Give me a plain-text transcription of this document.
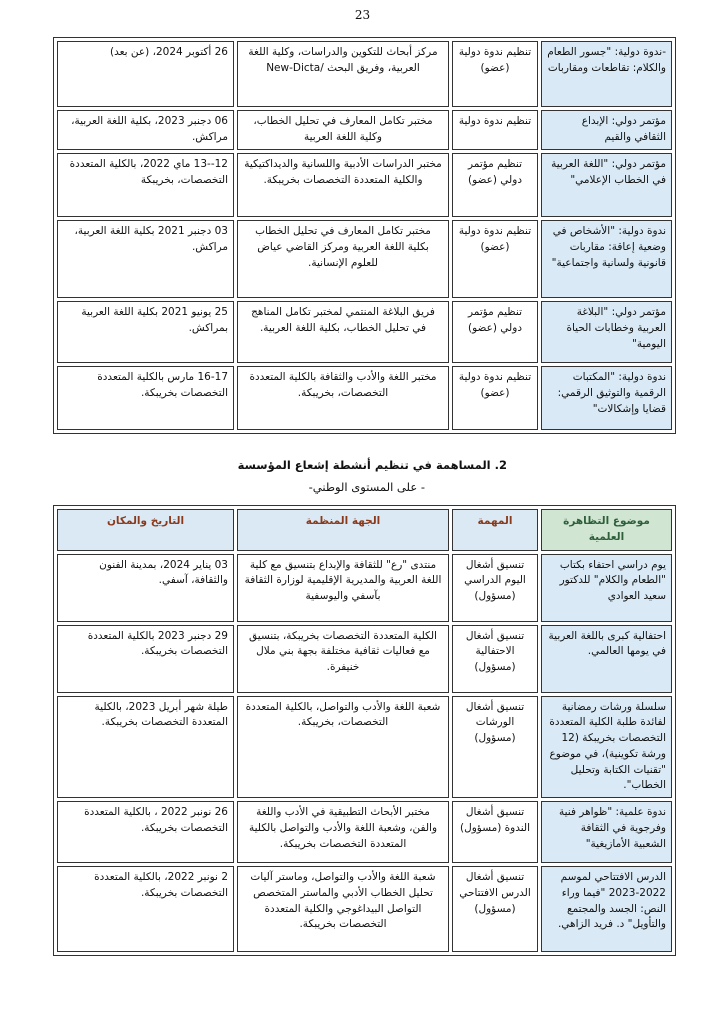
23
-ندوة دولية: "جسور الطعام والكلام: تقاطعات ومقاربات	تنظيم ندوة دولية (عضو)	مركز أبحاث للتكوين والدراسات، وكلية اللغة العربية، وفريق البحث /New-Dicta	26 أكتوبر 2024، (عن بعد)
مؤتمر دولي: الإبداع الثقافي والقيم	تنظيم ندوة دولية	مختبر تكامل المعارف في تحليل الخطاب، وكلية اللغة العربية	06 دجنبر 2023، بكلية اللغة العربية، مراكش.
مؤتمر دولي: "اللغة العربية في الخطاب الإعلامي"	تنظيم مؤتمر دولي (عضو)	مختبر الدراسات الأدبية واللسانية والديداكتيكية والكلية المتعددة التخصصات بخريبكة.	12--13 ماي 2022، بالكلية المتعددة التخصصات، بخريبكة
ندوة دولية: "الأشخاص في وضعية إعاقة: مقاربات قانونية ولسانية واجتماعية"	تنظيم ندوة دولية (عضو)	مختبر تكامل المعارف في تحليل الخطاب بكلية اللغة العربية ومركز القاضي عياض للعلوم الإنسانية.	03 دجنبر 2021 بكلية اللغة العربية، مراكش.
مؤتمر دولي: "البلاغة العربية وخطابات الحياة اليومية"	تنظيم مؤتمر دولي (عضو)	فريق البلاغة المنتمي لمختبر تكامل المناهج في تحليل الخطاب، بكلية اللغة العربية.	25 يونيو 2021 بكلية اللغة العربية بمراكش.
ندوة دولية: "المكتبات الرقمية والتوثيق الرقمي: قضايا وإشكالات"	تنظيم ندوة دولية (عضو)	مختبر اللغة والأدب والثقافة بالكلية المتعددة التخصصات، بخريبكة.	16-17 مارس بالكلية المتعددة التخصصات بخريبكة.
2. المساهمة في تنظيم أنشطة إشعاع المؤسسة
- على المستوى الوطني-
موضوع التظاهرة العلمية	المهمة	الجهة المنظمة	التاريخ والمكان
يوم دراسي احتفاء بكتاب "الطعام والكلام" للدكتور سعيد العوادي	تنسيق أشغال اليوم الدراسي (مسؤول)	منتدى "رع" للثقافة والإبداع بتنسيق مع كلية اللغة العربية والمديرية الإقليمية لوزارة الثقافة بآسفي واليوسفية	03 يناير 2024، بمدينة الفنون والثقافة، آسفي.
احتفالية كبرى باللغة العربية في يومها العالمي.	تنسيق أشغال الاحتفالية (مسؤول)	الكلية المتعددة التخصصات بخريبكة، بتنسيق مع فعاليات ثقافية مختلفة بجهة بني ملال خنيفرة.	29 دجنبر 2023 بالكلية المتعددة التخصصات بخريبكة.
سلسلة ورشات رمضانية لفائدة طلبة الكلية المتعددة التخصصات بخريبكة (12 ورشة تكوينية)، في موضوع "تقنيات الكتابة وتحليل الخطاب".	تنسيق أشغال الورشات (مسؤول)	شعبة اللغة والأدب والتواصل، بالكلية المتعددة التخصصات، بخريبكة.	طيلة شهر أبريل 2023، بالكلية المتعددة التخصصات بخريبكة.
ندوة علمية: "ظواهر فنية وفرجوية في الثقافة الشعبية الأمازيغية"	تنسيق أشغال الندوة (مسؤول)	مختبر الأبحاث التطبيقية في الأدب واللغة والفن، وشعبة اللغة والأدب والتواصل بالكلية المتعددة التخصصات بخريبكة.	26 نونبر 2022 ، بالكلية المتعددة التخصصات بخريبكة.
الدرس الافتتاحي لموسم 2022-2023 "فيما وراء النص: الجسد والمجتمع والتأويل" د. فريد الزاهي.	تنسيق أشغال الدرس الافتتاحي (مسؤول)	شعبة اللغة والأدب والتواصل، وماستر آليات تحليل الخطاب الأدبي والماستر المتخصص التواصل البيداغوجي والكلية المتعددة التخصصات بخريبكة.	2 نونبر 2022، بالكلية المتعددة التخصصات بخريبكة.
